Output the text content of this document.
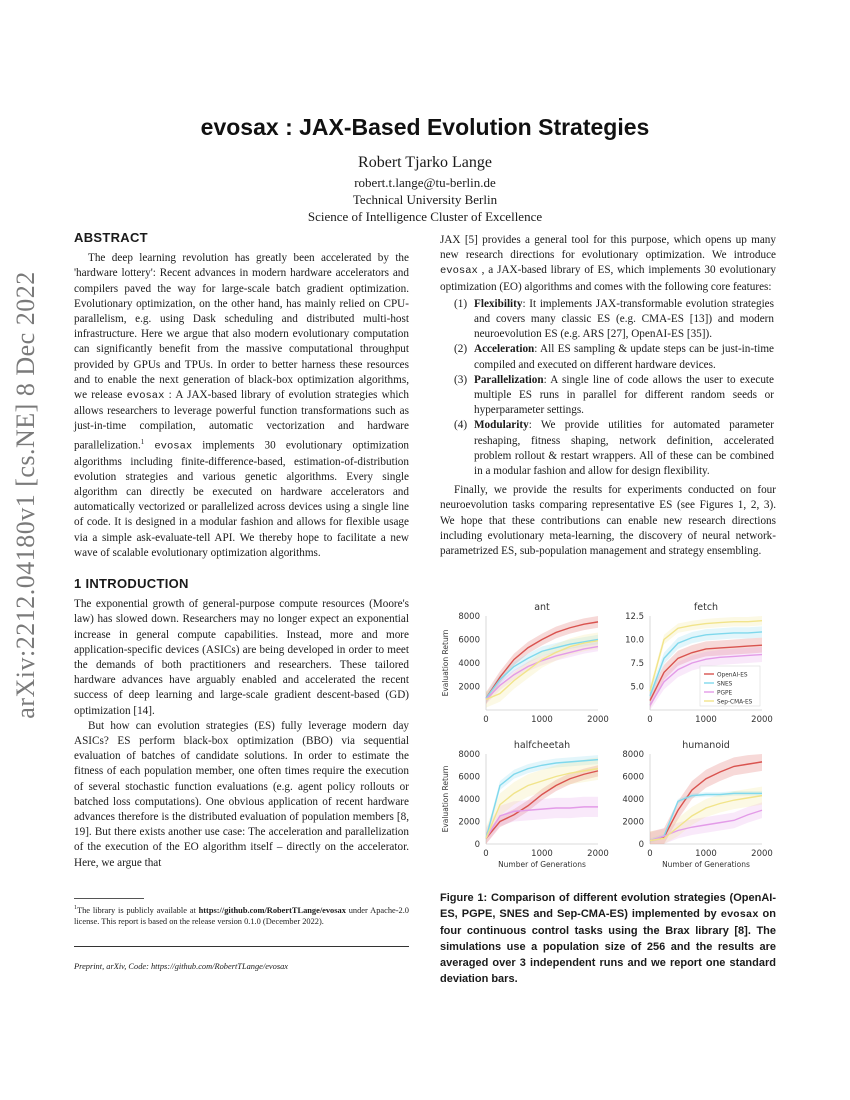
arXiv:2212.04180v1 [cs.NE] 8 Dec 2022
evosax : JAX-Based Evolution Strategies
Robert Tjarko Lange
robert.t.lange@tu-berlin.de
Technical University Berlin
Science of Intelligence Cluster of Excellence
ABSTRACT

The deep learning revolution has greatly been accelerated by the 'hardware lottery': Recent advances in modern hardware accelerators and compilers paved the way for large-scale batch gradient optimization. Evolutionary optimization, on the other hand, has mainly relied on CPU-parallelism, e.g. using Dask scheduling and distributed multi-host infrastructure. Here we argue that also modern evolutionary computation can significantly benefit from the massive computational throughput provided by GPUs and TPUs. In order to better harness these resources and to enable the next generation of black-box optimization algorithms, we release evosax : A JAX-based library of evolution strategies which allows researchers to leverage powerful function transformations such as just-in-time compilation, automatic vectorization and hardware parallelization.$^1$ evosax implements 30 evolutionary optimization algorithms including finite-difference-based, estimation-of-distribution evolution strategies and various genetic algorithms. Every single algorithm can directly be executed on hardware accelerators and automatically vectorized or parallelized across devices using a single line of code. It is designed in a modular fashion and allows for flexible usage via a simple ask-evaluate-tell API. We thereby hope to facilitate a new wave of scalable evolutionary optimization algorithms.

1 INTRODUCTION

The exponential growth of general-purpose compute resources (Moore's law) has slowed down. Researchers may no longer expect an exponential increase in general compute capabilities. Instead, more and more application-specific devices (ASICs) are being developed in order to meet the demands of both practitioners and researchers. These tailored hardware advances have arguably enabled and accelerated the recent success of deep learning and large-scale gradient descent-based (GD) optimization [14].

But how can evolution strategies (ES) fully leverage modern day ASICs? ES perform black-box optimization (BBO) via sequential evaluation of batches of candidate solutions. In order to estimate the fitness of each population member, one often times require the execution of several stochastic function evaluations (e.g. agent policy rollouts or batched loss computations). One obvious application of recent hardware advances therefore is the distributed evaluation of population members [8, 19]. But there exists another use case: The acceleration and parallelization of the execution of the EO algorithm itself – directly on the accelerator. Here, we argue that

$^1$The library is publicly available at https://github.com/RobertTLange/evosax under Apache-2.0 license. This report is based on the release version 0.1.0 (December 2022).
Preprint, arXiv, Code: https://github.com/RobertTLange/evosax

JAX [5] provides a general tool for this purpose, which opens up many new research directions for evolutionary optimization. We introduce evosax , a JAX-based library of ES, which implements 30 evolutionary optimization (EO) algorithms and comes with the following core features:

(1) Flexibility: It implements JAX-transformable evolution strategies and covers many classic ES (e.g. CMA-ES [13]) and modern neuroevolution ES (e.g. ARS [27], OpenAI-ES [35]).
(2) Acceleration: All ES sampling & update steps can be just-in-time compiled and executed on different hardware devices.
(3) Parallelization: A single line of code allows the user to execute multiple ES runs in parallel for different random seeds or hyperparameter settings.
(4) Modularity: We provide utilities for automated parameter reshaping, fitness shaping, network definition, accelerated problem rollout & restart wrappers. All of these can be combined in a modular fashion and allow for design flexibility.

Finally, we provide the results for experiments conducted on four neuroevolution tasks comparing representative ES (see Figures 1, 2, 3). We hope that these contributions can enable new research directions including evolutionary meta-learning, the discovery of neural network-parametrized ES, sub-population management and strategy ensembling.

ant
2000
4000
6000
8000
0	1000	2000
Evaluation Return
fetch
5.0
7.5
10.0
12.5
0	1000	2000
OpenAI-ES
SNES
PGPE
Sep-CMA-ES
halfcheetah
0
2000
4000
6000
8000
0	1000	2000
Evaluation Return
Number of Generations
humanoid
0
2000
4000
6000
8000
0	1000	2000
Number of Generations
Figure 1: Comparison of different evolution strategies (OpenAI-ES, PGPE, SNES and Sep-CMA-ES) implemented by evosax on four continuous control tasks using the Brax library [8]. The simulations use a population size of 256 and the results are averaged over 3 independent runs and we report one standard deviation bars.
